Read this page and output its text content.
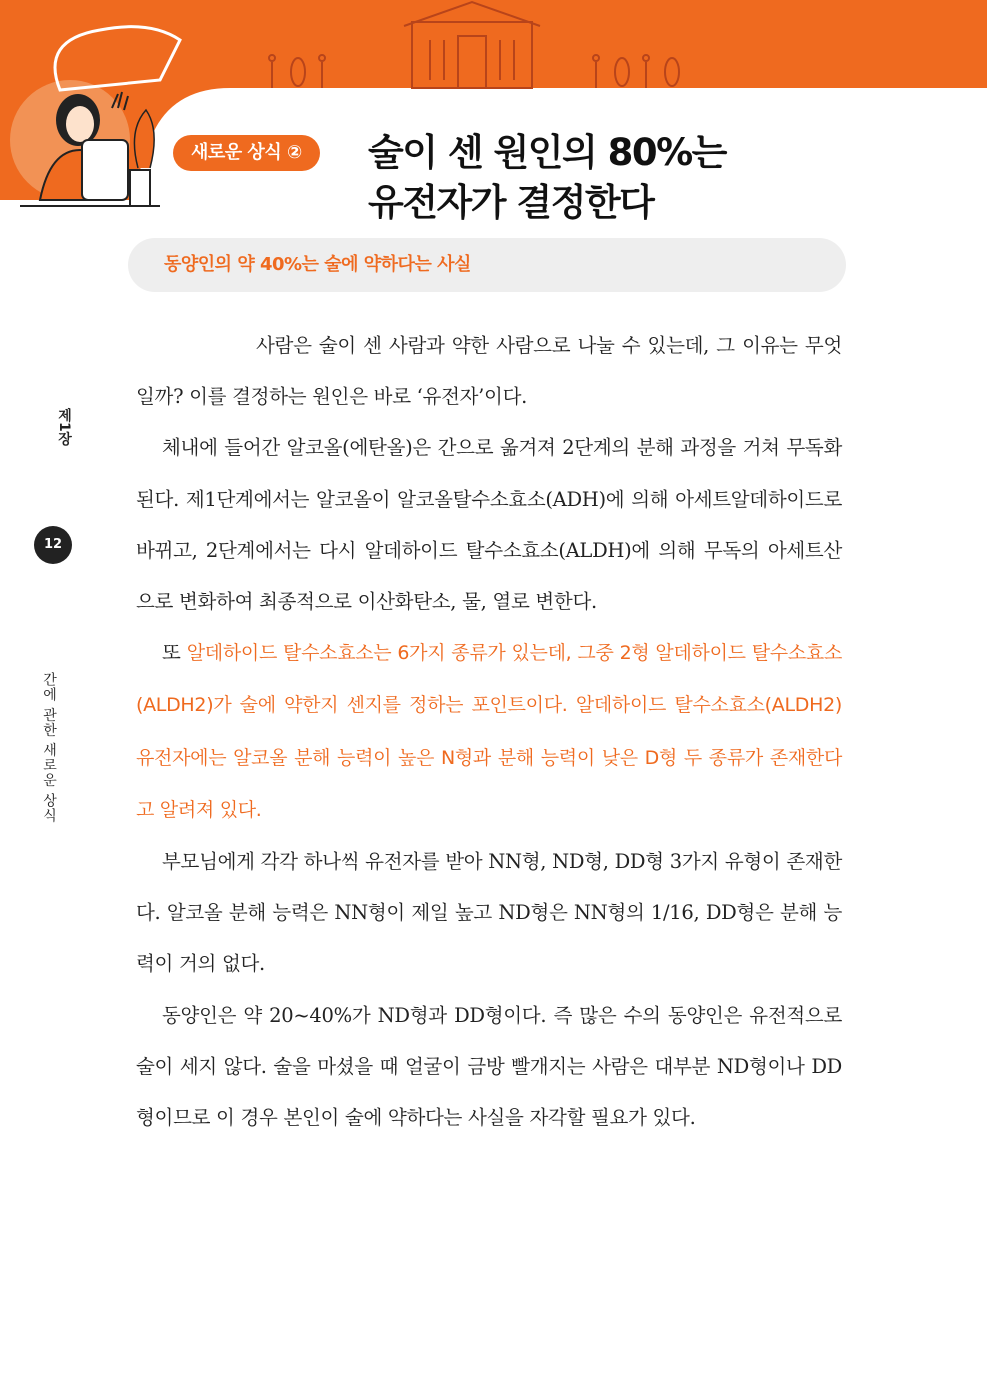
새로운 상식 ②	술이 센 원인의 80%는
유전자가 결정한다
동양인의 약 40%는 술에 약하다는 사실
제1장
12
간에 관한 새로운 상식

사람은 술이 센 사람과 약한 사람으로 나눌 수 있는데, 그 이유는 무엇일까? 이를 결정하는 원인은 바로 ‘유전자’이다.

체내에 들어간 알코올(에탄올)은 간으로 옮겨져 2단계의 분해 과정을 거쳐 무독화된다. 제1단계에서는 알코올이 알코올탈수소효소(ADH)에 의해 아세트알데하이드로 바뀌고, 2단계에서는 다시 알데하이드 탈수소효소(ALDH)에 의해 무독의 아세트산으로 변화하여 최종적으로 이산화탄소, 물, 열로 변한다.

또 알데하이드 탈수소효소는 6가지 종류가 있는데, 그중 2형 알데하이드 탈수소효소(ALDH2)가 술에 약한지 센지를 정하는 포인트이다. 알데하이드 탈수소효소(ALDH2) 유전자에는 알코올 분해 능력이 높은 N형과 분해 능력이 낮은 D형 두 종류가 존재한다고 알려져 있다.

부모님에게 각각 하나씩 유전자를 받아 NN형, ND형, DD형 3가지 유형이 존재한다. 알코올 분해 능력은 NN형이 제일 높고 ND형은 NN형의 1/16, DD형은 분해 능력이 거의 없다.

동양인은 약 20~40%가 ND형과 DD형이다. 즉 많은 수의 동양인은 유전적으로 술이 세지 않다. 술을 마셨을 때 얼굴이 금방 빨개지는 사람은 대부분 ND형이나 DD형이므로 이 경우 본인이 술에 약하다는 사실을 자각할 필요가 있다.
